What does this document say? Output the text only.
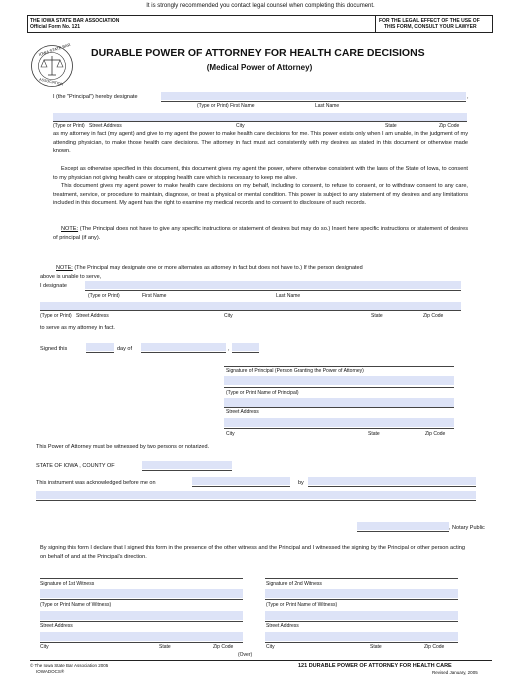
It is strongly recommended you contact legal counsel when completing this document.
THE IOWA STATE BAR ASSOCIATION
Official Form No. 121
FOR THE LEGAL EFFECT OF THE USE OF
THIS FORM, CONSULT YOUR LAWYER
IOWA STATE BAR
ASSOCIATION
DURABLE POWER OF ATTORNEY FOR HEALTH CARE DECISIONS
(Medical Power of Attorney)
I (the "Principal") hereby designate	,
(Type or Print) First Name	Last Name
(Type or Print) Street Address	City	State	Zip Code
as my attorney in fact (my agent) and give to my agent the power to make health care decisions for me. This power exists only when I am unable, in the judgment of my attending physician, to make those health care decisions. The attorney in fact must act consistently with my desires as stated in this document or otherwise made known.
Except as otherwise specified in this document, this document gives my agent the power, where otherwise consistent with the laws of the State of Iowa, to consent to my physician not giving health care or stopping health care which is necessary to keep me alive.
This document gives my agent power to make health care decisions on my behalf, including to consent, to refuse to consent, or to withdraw consent to any care, treatment, service, or procedure to maintain, diagnose, or treat a physical or mental condition. This power is subject to any statement of my desires and any limitations included in this document. My agent has the right to examine my medical records and to consent to disclosure of such records.
NOTE: (The Principal does not have to give any specific instructions or statement of desires but may do so.) Insert here specific instructions or statement of desires of principal (if any).
NOTE: (The Principal may designate one or more alternates as attorney in fact but does not have to.) If the person designated
above is unable to serve,
I designate
(Type or Print)	First Name	Last Name
(Type or Print) Street Address	City	State	Zip Code
to serve as my attorney in fact.
Signed this	day of	,
Signature of Principal (Person Granting the Power of Attorney)
(Type or Print Name of Principal)
Street Address
City	State	Zip Code
This Power of Attorney must be witnessed by two persons or notarized.
STATE OF IOWA , COUNTY OF
This instrument was acknowledged before me on	by
, Notary Public
By signing this form I declare that I signed this form in the presence of the other witness and the Principal and I witnessed the signing by the Principal or other person acting on behalf of and at the Principal's direction.
Signature of 1st Witness
(Type or Print Name of Witness)
Street Address
City	State	Zip Code
Signature of 2nd Witness
(Type or Print Name of Witness)
Street Address
City	State	Zip Code
(Over)
© The Iowa State Bar Association 2005
IOWADOCS®
121 DURABLE POWER OF ATTORNEY FOR HEALTH CARE
Revised January, 2005
